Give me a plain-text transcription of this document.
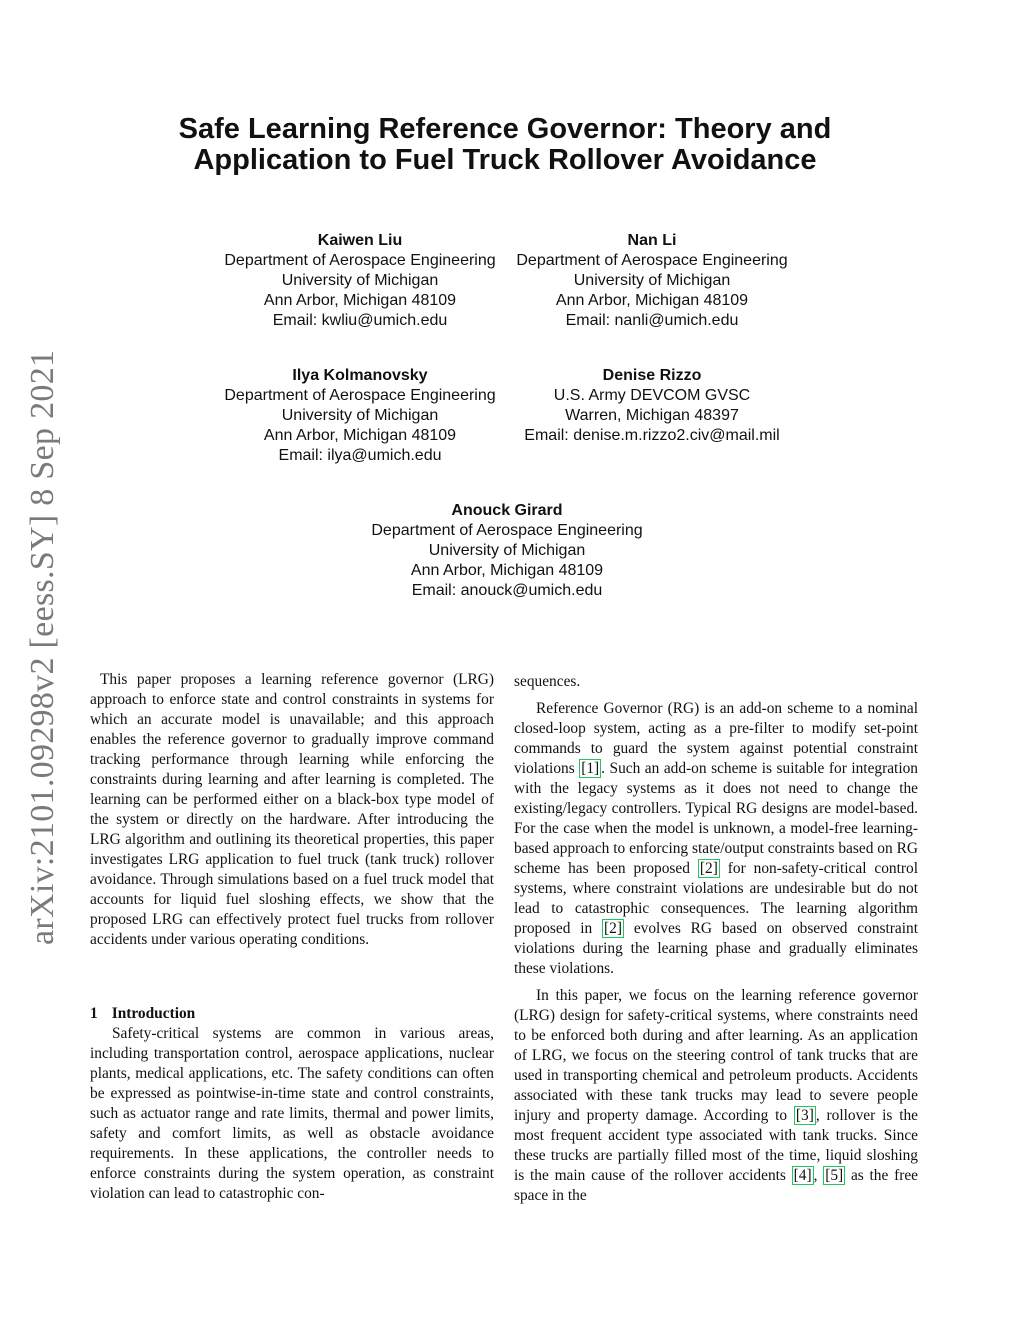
arXiv:2101.09298v2 [eess.SY] 8 Sep 2021
Safe Learning Reference Governor: Theory and
Application to Fuel Truck Rollover Avoidance
Kaiwen Liu
Department of Aerospace Engineering
University of Michigan
Ann Arbor, Michigan 48109
Email: kwliu@umich.edu
Nan Li
Department of Aerospace Engineering
University of Michigan
Ann Arbor, Michigan 48109
Email: nanli@umich.edu
Ilya Kolmanovsky
Department of Aerospace Engineering
University of Michigan
Ann Arbor, Michigan 48109
Email: ilya@umich.edu
Denise Rizzo
U.S. Army DEVCOM GVSC
Warren, Michigan 48397
Email: denise.m.rizzo2.civ@mail.mil
Anouck Girard
Department of Aerospace Engineering
University of Michigan
Ann Arbor, Michigan 48109
Email: anouck@umich.edu

This paper proposes a learning reference governor (LRG) approach to enforce state and control constraints in systems for which an accurate model is unavailable; and this approach enables the reference governor to gradually improve command tracking performance through learning while enforcing the constraints during learning and after learning is completed. The learning can be performed either on a black-box type model of the system or directly on the hardware. After introducing the LRG algorithm and outlining its theoretical properties, this paper investigates LRG application to fuel truck (tank truck) rollover avoidance. Through simulations based on a fuel truck model that accounts for liquid fuel sloshing effects, we show that the proposed LRG can effectively protect fuel trucks from rollover accidents under various operating conditions.

1 Introduction

Safety-critical systems are common in various areas, including transportation control, aerospace applications, nuclear plants, medical applications, etc. The safety conditions can often be expressed as pointwise-in-time state and control constraints, such as actuator range and rate limits, thermal and power limits, safety and comfort limits, as well as obstacle avoidance requirements. In these applications, the controller needs to enforce constraints during the system operation, as constraint violation can lead to catastrophic con-

sequences.

Reference Governor (RG) is an add-on scheme to a nominal closed-loop system, acting as a pre-filter to modify set-point commands to guard the system against potential constraint violations [1] . Such an add-on scheme is suitable for integration with the legacy systems as it does not need to change the existing/legacy controllers. Typical RG designs are model-based. For the case when the model is unknown, a model-free learning-based approach to enforcing state/output constraints based on RG scheme has been proposed [2] for non-safety-critical control systems, where constraint violations are undesirable but do not lead to catastrophic consequences. The learning algorithm proposed in [2] evolves RG based on observed constraint violations during the learning phase and gradually eliminates these violations.

In this paper, we focus on the learning reference governor (LRG) design for safety-critical systems, where constraints need to be enforced both during and after learning. As an application of LRG, we focus on the steering control of tank trucks that are used in transporting chemical and petroleum products. Accidents associated with these tank trucks may lead to severe people injury and property damage. According to [3] , rollover is the most frequent accident type associated with tank trucks. Since these trucks are partially filled most of the time, liquid sloshing is the main cause of the rollover accidents [4] , [5] as the free space in the
